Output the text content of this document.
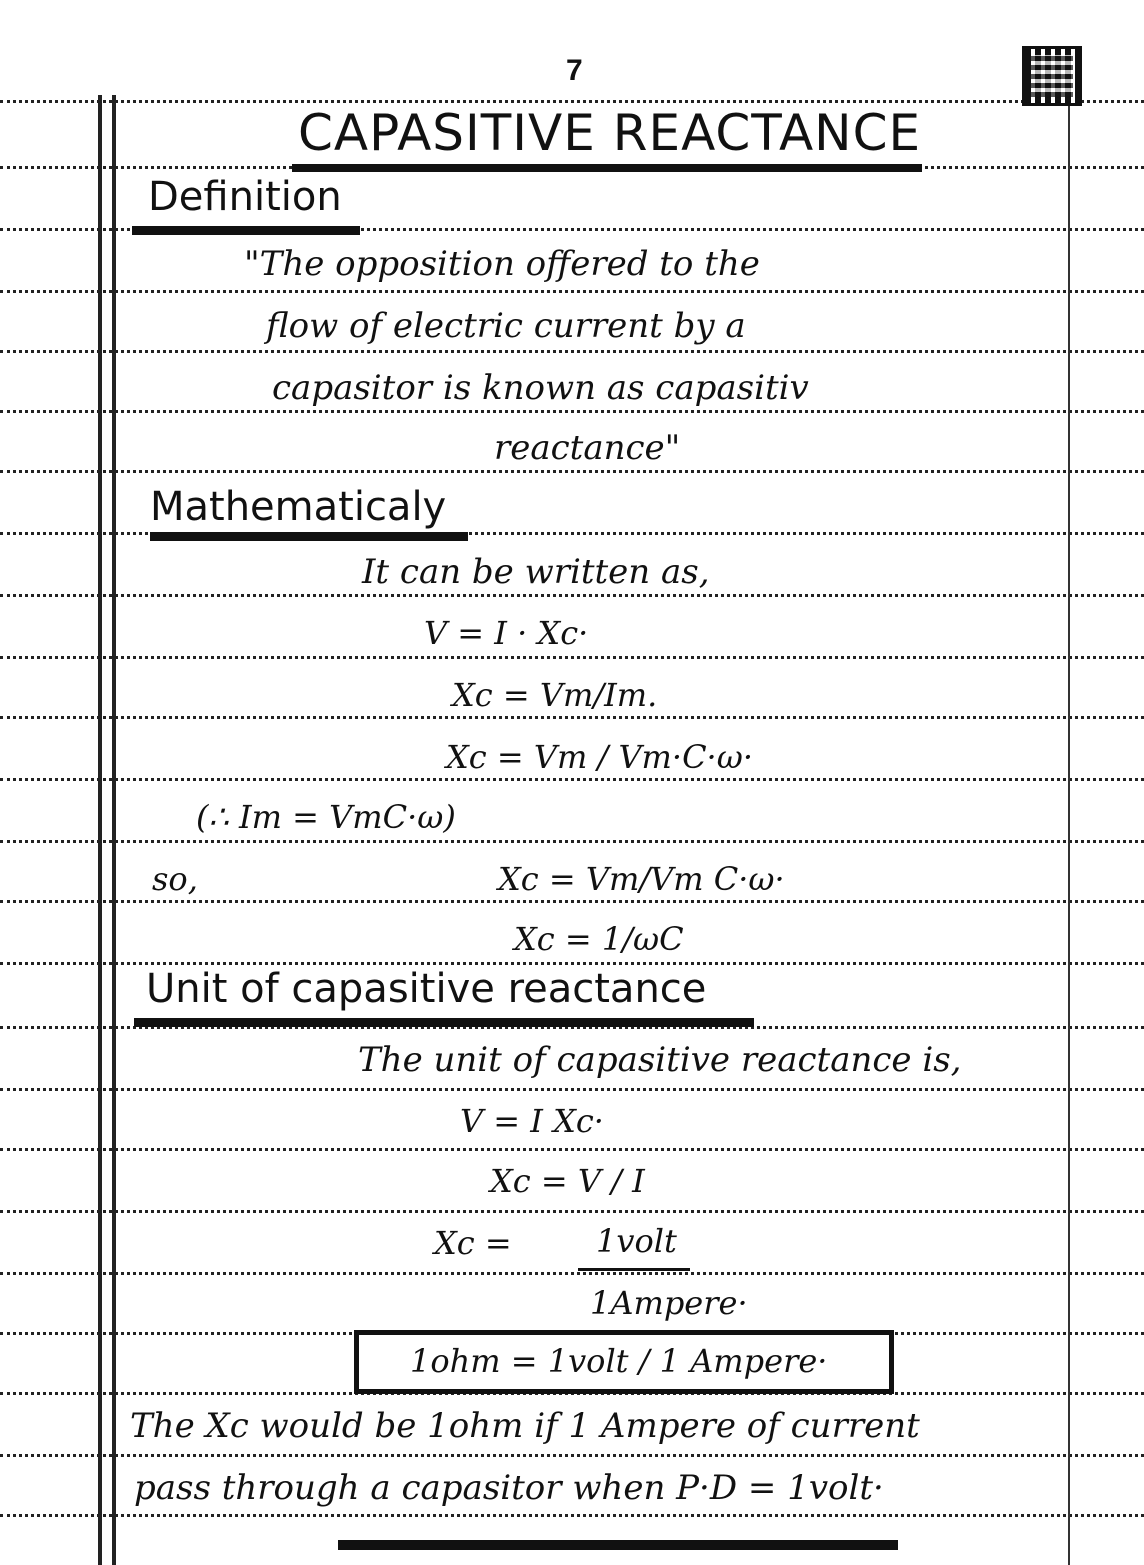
7
CAPASITIVE REACTANCE
Definition
"The opposition offered to the
flow of electric current by a
capasitor is known as capasitiv
reactance"
Mathematicaly
It can be written as,
V = I · Xc·
Xc = Vm/Im.
Xc = Vm / Vm·C·ω·
(∴ Im = VmC·ω)
so,	Xc = Vm/Vm C·ω·
Xc = 1/ωC
Unit of capasitive reactance
The unit of capasitive reactance is,
V = I Xc·
Xc = V / I
Xc =	1volt
1Ampere·
1ohm = 1volt / 1 Ampere·
The Xc would be 1ohm if 1 Ampere of current
pass through a capasitor when P·D = 1volt·
